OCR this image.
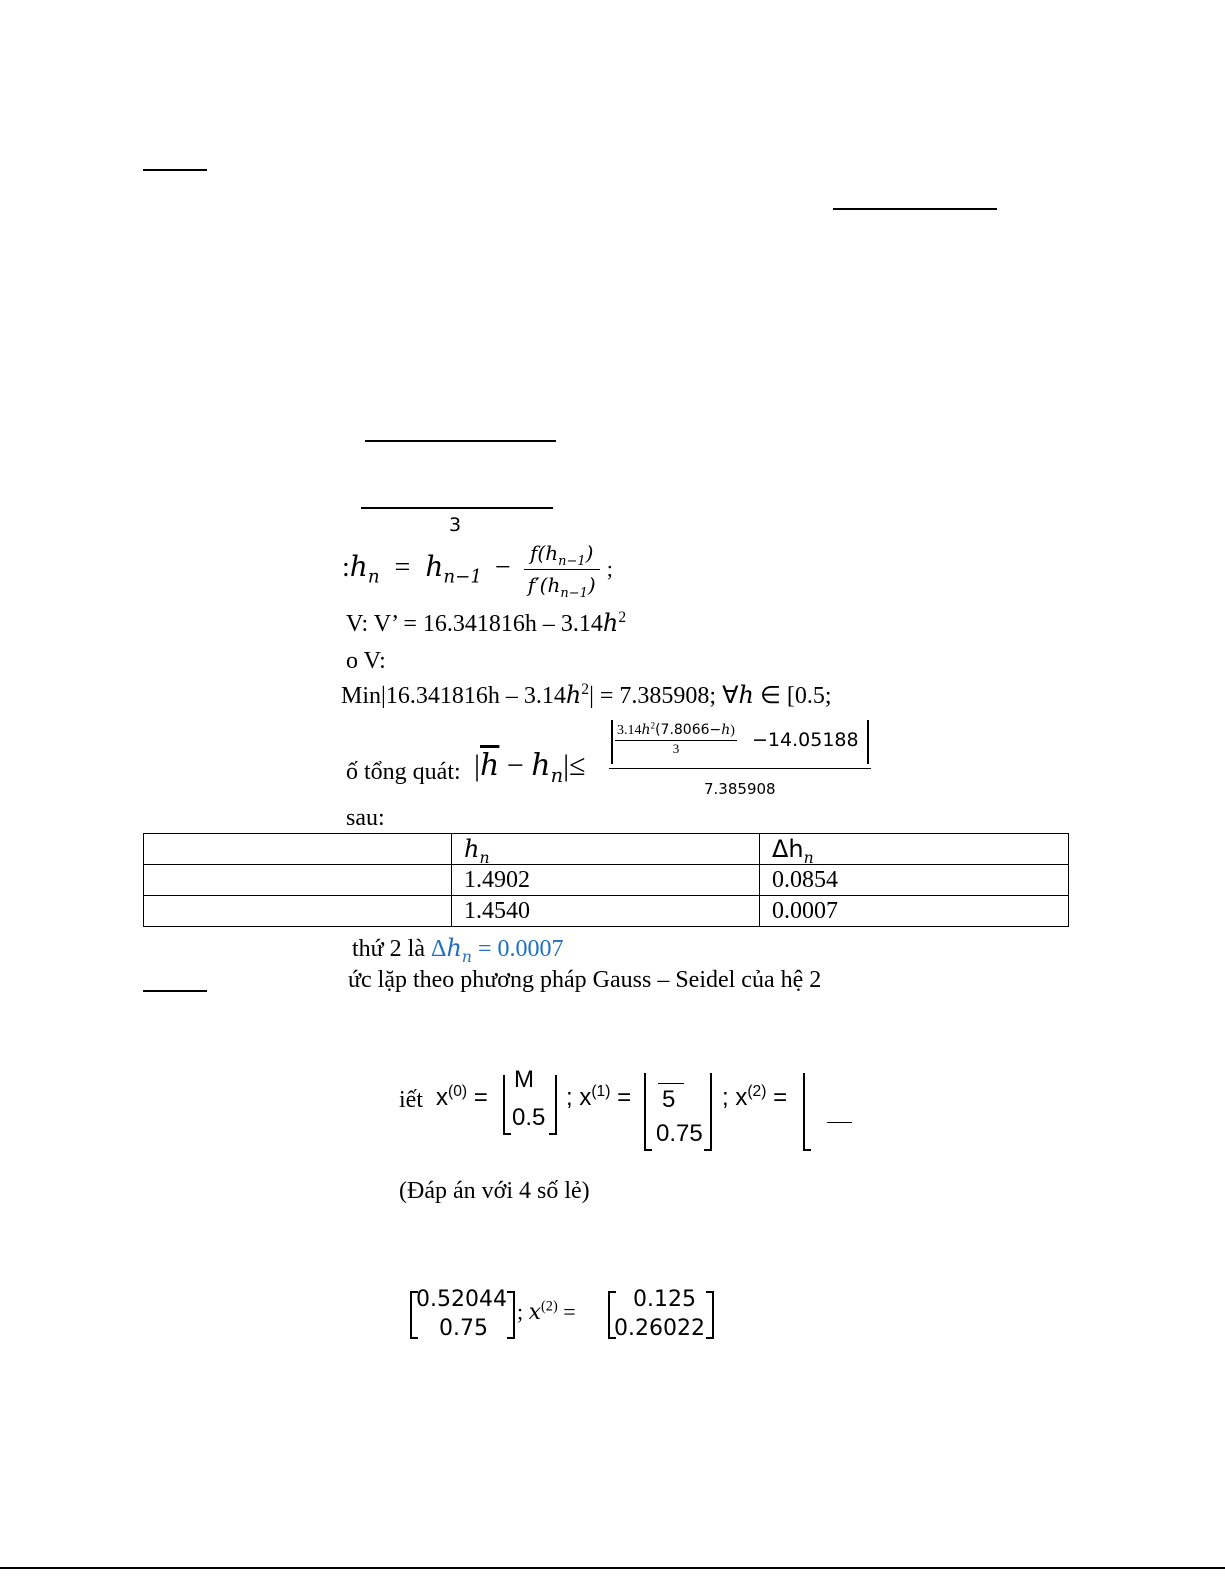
3
$:h_n = h_{n-1} - \frac{f(h_{n-1})}{f'(h_{n-1})}$ ;
V: V’ = $16.341816h - 3.14h^2$
o V:
$Min|16.341816h - 3.14h^2| = 7.385908$; ∀h ∈ [0.5;
ố tổng quát: $|\overline{h} - h_n|\le$
$3.14h^2(7.8066-h)$
3	−14.05188
7.385908
sau:
	$h_n$	$\Delta h_n$
	1.4902	0.0854
	1.4540	0.0007
thứ 2 là $\Delta h_n = 0.0007$
ức lặp theo phương pháp Gauss – Seidel của hệ 2
iết $x^{(0)}$ =
M
0.5
; $x^{(1)} = 5$
0.75
; $x^{(2)}$ =
(Đáp án với 4 số lẻ)
0.52044
0.75
; $x^{(2)}$ =	0.125
0.26022
